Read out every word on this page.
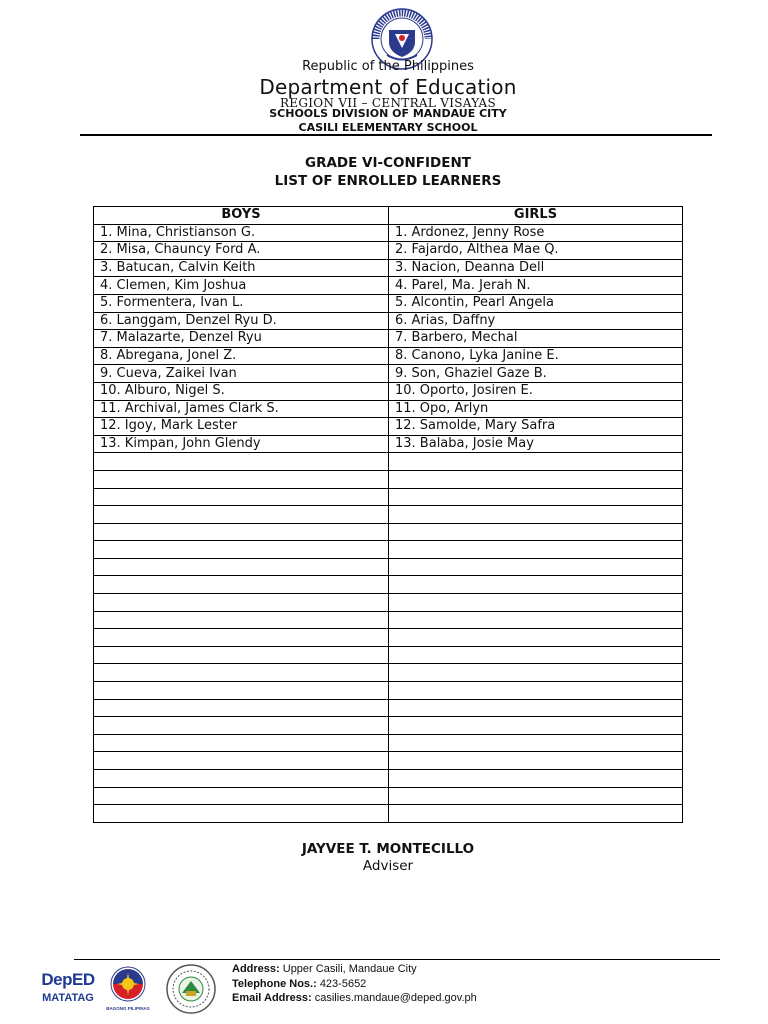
Republic of the Philippines
Department of Education
REGION VII – CENTRAL VISAYAS
SCHOOLS DIVISION OF MANDAUE CITY
CASILI ELEMENTARY SCHOOL
GRADE VI-CONFIDENT
LIST OF ENROLLED LEARNERS
BOYS	GIRLS
1. Mina, Christianson G.	1. Ardonez, Jenny Rose
2. Misa, Chauncy Ford A.	2. Fajardo, Althea Mae Q.
3. Batucan, Calvin Keith	3. Nacion, Deanna Dell
4. Clemen, Kim Joshua	4. Parel, Ma. Jerah N.
5. Formentera, Ivan L.	5. Alcontin, Pearl Angela
6. Langgam, Denzel Ryu D.	6. Arias, Daffny
7. Malazarte, Denzel Ryu	7. Barbero, Mechal
8. Abregana, Jonel Z.	8. Canono, Lyka Janine E.
9. Cueva, Zaikei Ivan	9. Son, Ghaziel Gaze B.
10. Alburo, Nigel S.	10. Oporto, Josiren E.
11. Archival, James Clark S.	11. Opo, Arlyn
12. Igoy, Mark Lester	12. Samolde, Mary Safra
13. Kimpan, John Glendy	13. Balaba, Josie May

JAYVEE T. MONTECILLO
Adviser
DepED
MATATAG
BAGONG PILIPINAS
Address: Upper Casili, Mandaue City
Telephone Nos.: 423-5652
Email Address: casilies.mandaue@deped.gov.ph
